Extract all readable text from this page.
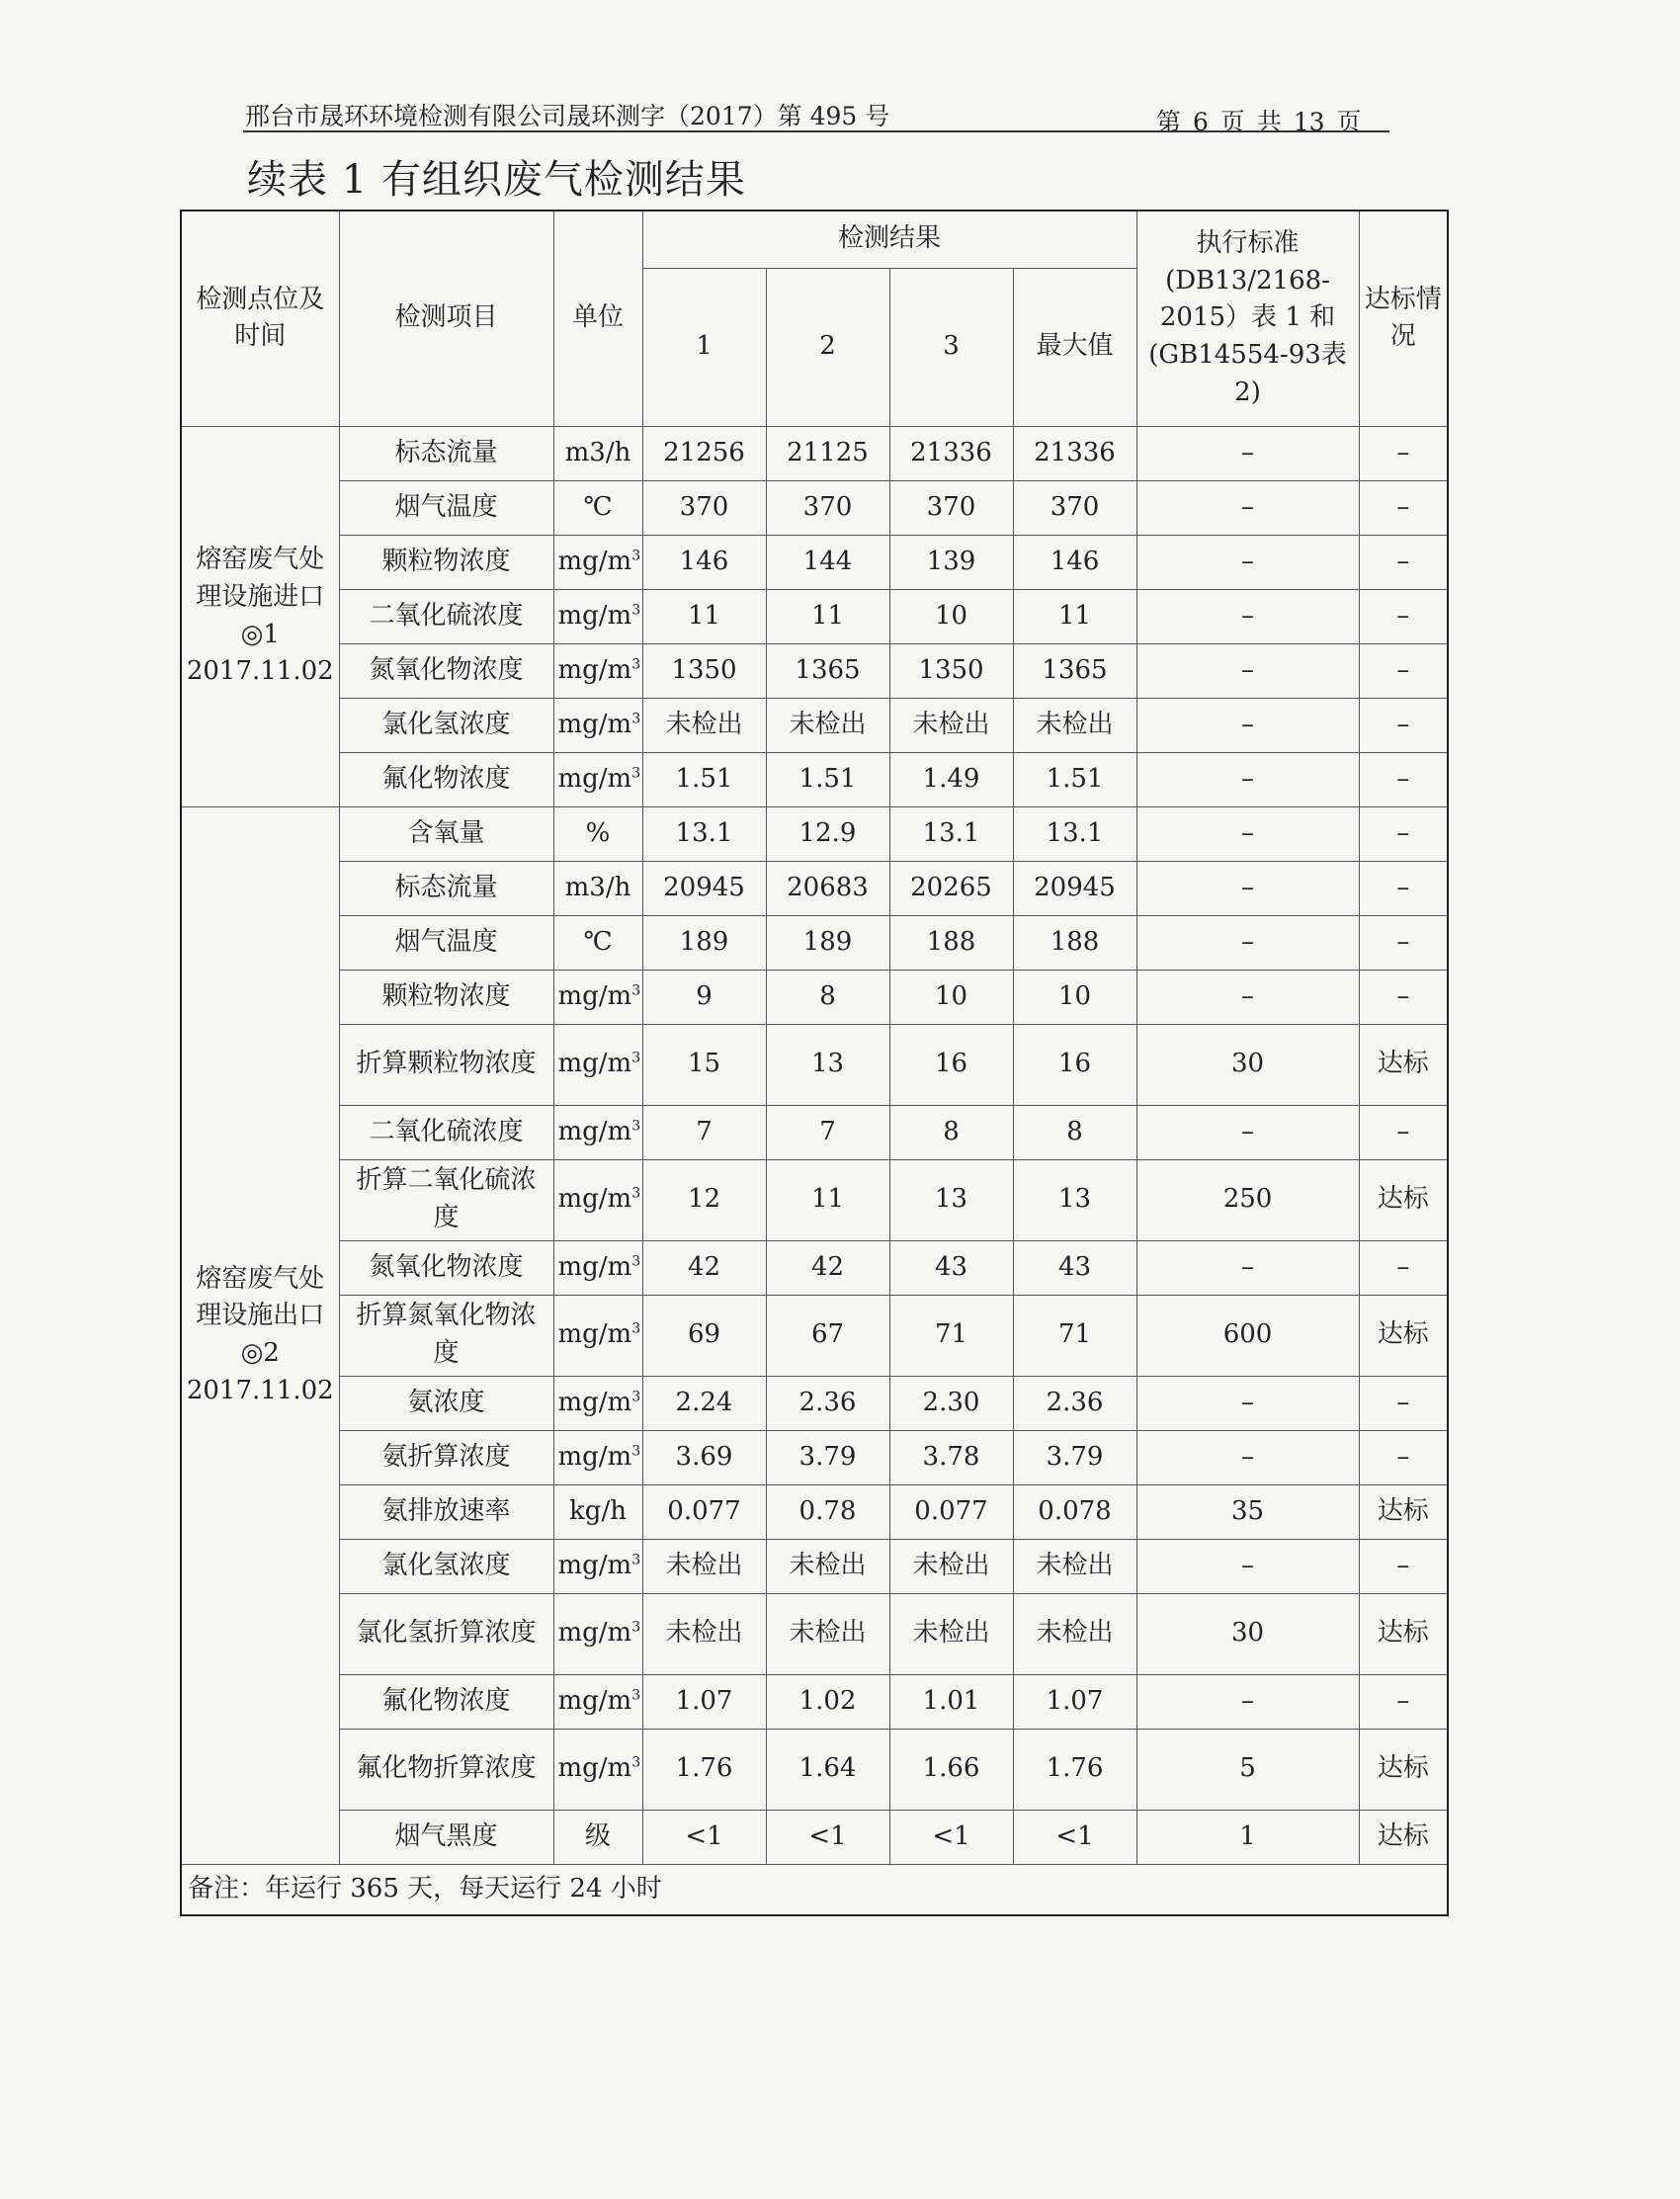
邢台市晟环环境检测有限公司晟环测字（2017）第 495 号	第 6 页 共 13 页
续表 1 有组织废气检测结果
检测点位及时间	检测项目	单位	检测结果				执行标准(DB13/2168-2015）表 1 和(GB14554-93表 2)	达标情况
			1	2	3	最大值		
熔窑废气处理设施进口◎1 2017.11.02	标态流量	m3/h	21256	21125	21336	21336	–	–
	烟气温度	℃	370	370	370	370	–	–
	颗粒物浓度	$mg/m^3$	146	144	139	146	–	–
	二氧化硫浓度	$mg/m^3$	11	11	10	11	–	–
	氮氧化物浓度	$mg/m^3$	1350	1365	1350	1365	–	–
	氯化氢浓度	$mg/m^3$	未检出	未检出	未检出	未检出	–	–
	氟化物浓度	$mg/m^3$	1.51	1.51	1.49	1.51	–	–
熔窑废气处理设施出口◎2 2017.11.02	含氧量	%	13.1	12.9	13.1	13.1	–	–
	标态流量	m3/h	20945	20683	20265	20945	–	–
	烟气温度	℃	189	189	188	188	–	–
	颗粒物浓度	$mg/m^3$	9	8	10	10	–	–
	折算颗粒物浓度	$mg/m^3$	15	13	16	16	30	达标
	二氧化硫浓度	$mg/m^3$	7	7	8	8	–	–
	折算二氧化硫浓度	$mg/m^3$	12	11	13	13	250	达标
	氮氧化物浓度	$mg/m^3$	42	42	43	43	–	–
	折算氮氧化物浓度	$mg/m^3$	69	67	71	71	600	达标
	氨浓度	$mg/m^3$	2.24	2.36	2.30	2.36	–	–
	氨折算浓度	$mg/m^3$	3.69	3.79	3.78	3.79	–	–
	氨排放速率	kg/h	0.077	0.78	0.077	0.078	35	达标
	氯化氢浓度	$mg/m^3$	未检出	未检出	未检出	未检出	–	–
	氯化氢折算浓度	$mg/m^3$	未检出	未检出	未检出	未检出	30	达标
	氟化物浓度	$mg/m^3$	1.07	1.02	1.01	1.07	–	–
	氟化物折算浓度	$mg/m^3$	1.76	1.64	1.66	1.76	5	达标
	烟气黑度	级	<1	<1	<1	<1	1	达标
备注：年运行 365 天，每天运行 24 小时								
